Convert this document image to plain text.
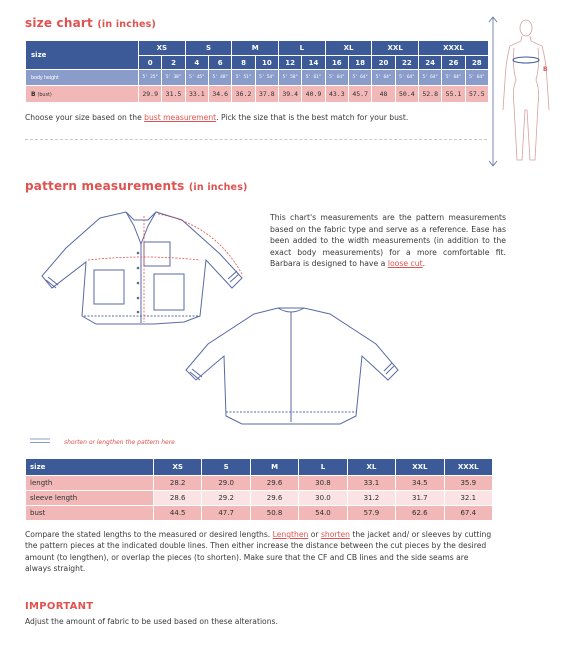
size chart (in inches)
size	XS		S		M		L		XL		XXL		XXXL		
	0	2	4	6	8	10	12	14	16	18	20	22	24	26	28
body height	5' 25"	5' 38"	5' 45"	5' 48"	5' 51"	5' 54"	5' 58"	5' 61"	5' 64"	5' 64"	5' 64"	5' 64"	5' 64"	5' 64"	5' 64"
B (bust)	29.9	31.5	33.1	34.6	36.2	37.8	39.4	40.9	43.3	45.7	48	50.4	52.8	55.1	57.5
Choose your size based on the bust measurement. Pick the size that is the best match for your bust.
B
pattern measurements (in inches)
This chart's measurements are the pattern measurements based on the fabric type and serve as a reference. Ease has been added to the width measurements (in addition to the exact body measurements) for a more comfortable fit. Barbara is designed to have a loose cut.
shorten or lengthen the pattern here
size	XS	S	M	L	XL	XXL	XXXL
length	28.2	29.0	29.6	30.8	33.1	34.5	35.9
sleeve length	28.6	29.2	29.6	30.0	31.2	31.7	32.1
bust	44.5	47.7	50.8	54.0	57.9	62.6	67.4
Compare the stated lengths to the measured or desired lengths. Lengthen or shorten the jacket and/ or sleeves by cutting the pattern pieces at the indicated double lines. Then either increase the distance between the cut pieces by the desired amount (to lengthen), or overlap the pieces (to shorten). Make sure that the CF and CB lines and the side seams are always straight.
IMPORTANT
Adjust the amount of fabric to be used based on these alterations.
